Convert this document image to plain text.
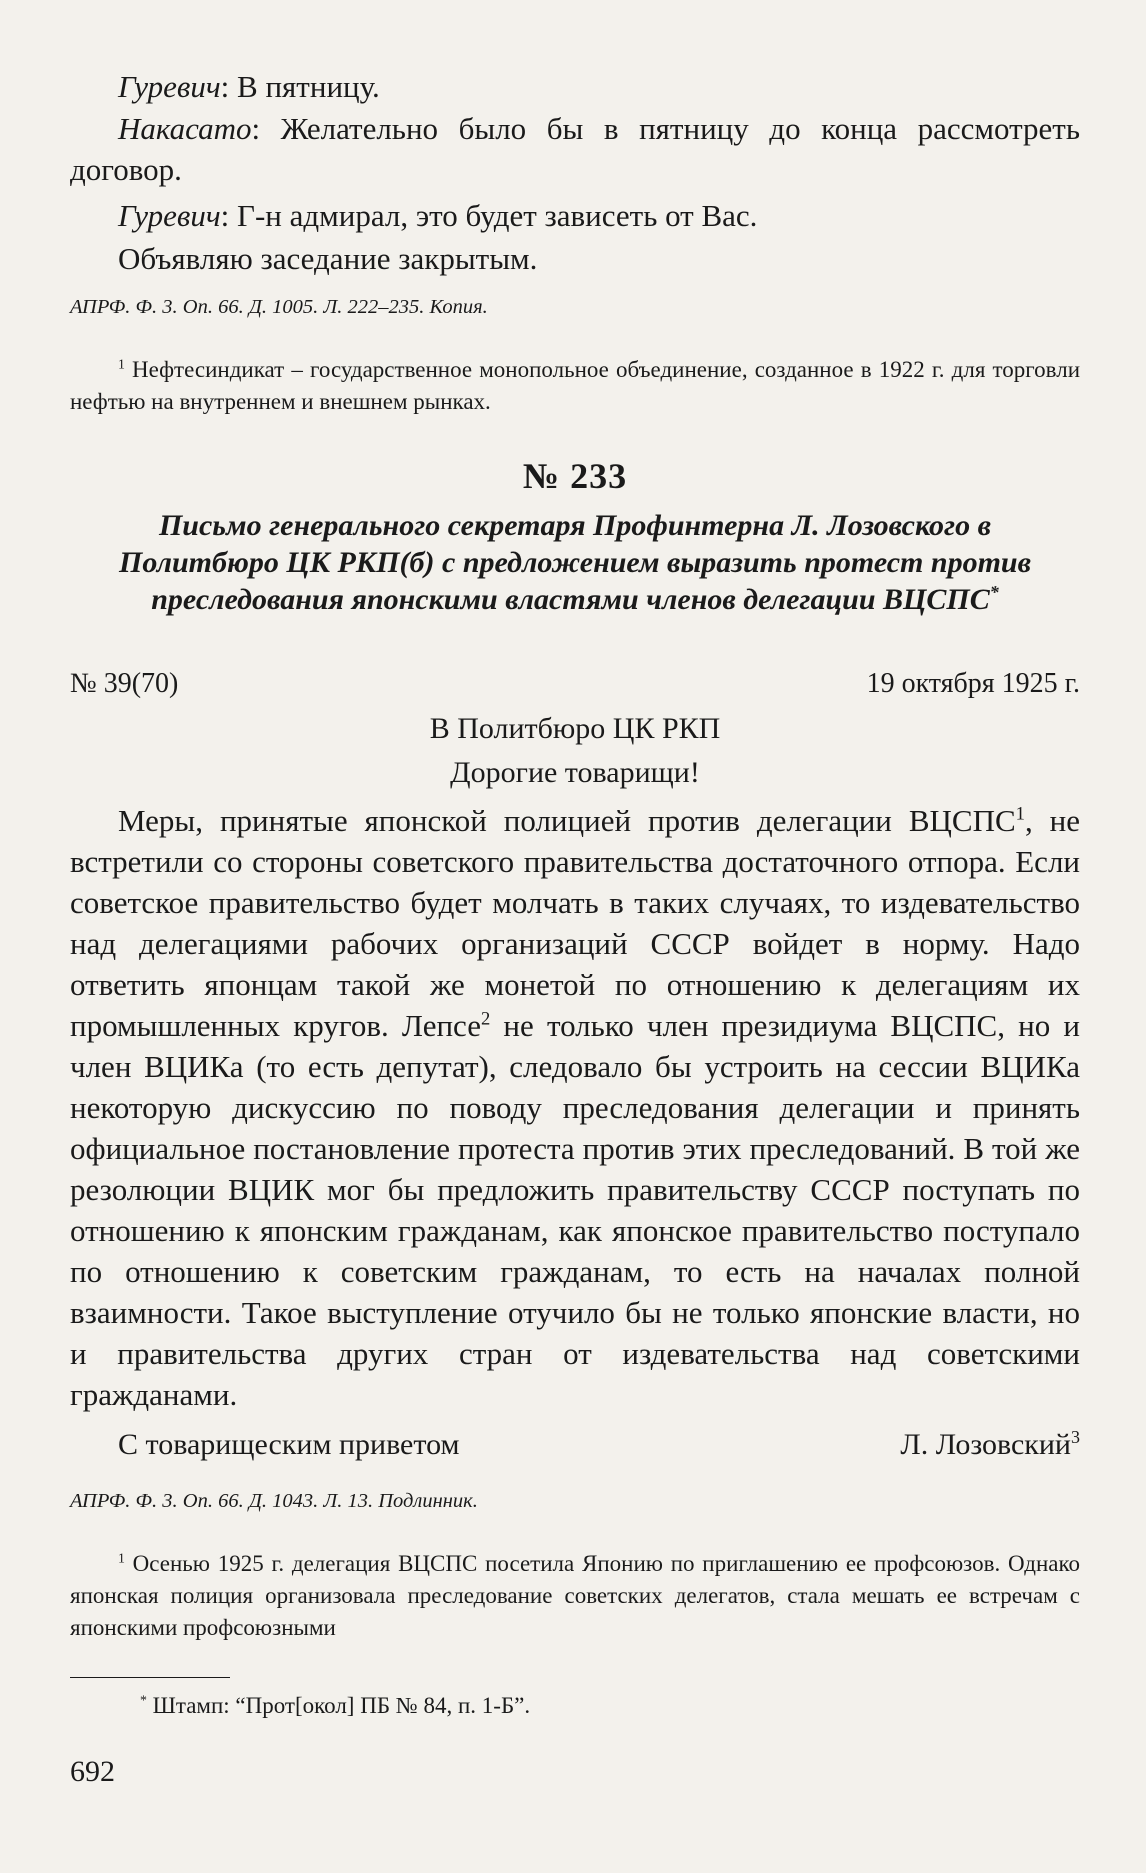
Гуревич: В пятницу.
Накасато: Желательно было бы в пятницу до конца рассмотреть договор.
Гуревич: Г-н адмирал, это будет зависеть от Вас.
Объявляю заседание закрытым.
АПРФ. Ф. 3. Оп. 66. Д. 1005. Л. 222–235. Копия.
$^1$ Нефтесиндикат – государственное монопольное объединение, созданное в 1922 г. для торговли нефтью на внутреннем и внешнем рынках.
№ 233
Письмо генерального секретаря Профинтерна Л. Лозовского в Политбюро ЦК РКП(б) с предложением выразить протест против преследования японскими властями членов делегации ВЦСПС*
№ 39(70)	19 октября 1925 г.
В Политбюро ЦК РКП
Дорогие товарищи!
Меры, принятые японской полицией против делегации ВЦСПС$^1$, не встретили со стороны советского правительства достаточного отпора. Если советское правительство будет молчать в таких случаях, то издевательство над делегациями рабочих организаций СССР войдет в норму. Надо ответить японцам такой же монетой по отношению к делегациям их промышленных кругов. Лепсе$^2$ не только член президиума ВЦСПС, но и член ВЦИКа (то есть депутат), следовало бы устроить на сессии ВЦИКа некоторую дискуссию по поводу преследования делегации и принять официальное постановление протеста против этих преследований. В той же резолюции ВЦИК мог бы предложить правительству СССР поступать по отношению к японским гражданам, как японское правительство поступало по отношению к советским гражданам, то есть на началах полной взаимности. Такое выступление отучило бы не только японские власти, но и правительства других стран от издевательства над советскими гражданами.
С товарищеским приветом	Л. Лозовский$^3$
АПРФ. Ф. 3. Оп. 66. Д. 1043. Л. 13. Подлинник.
$^1$ Осенью 1925 г. делегация ВЦСПС посетила Японию по приглашению ее профсоюзов. Однако японская полиция организовала преследование советских делегатов, стала мешать ее встречам с японскими профсоюзными
* Штамп: “Прот[окол] ПБ № 84, п. 1-Б”.
692
